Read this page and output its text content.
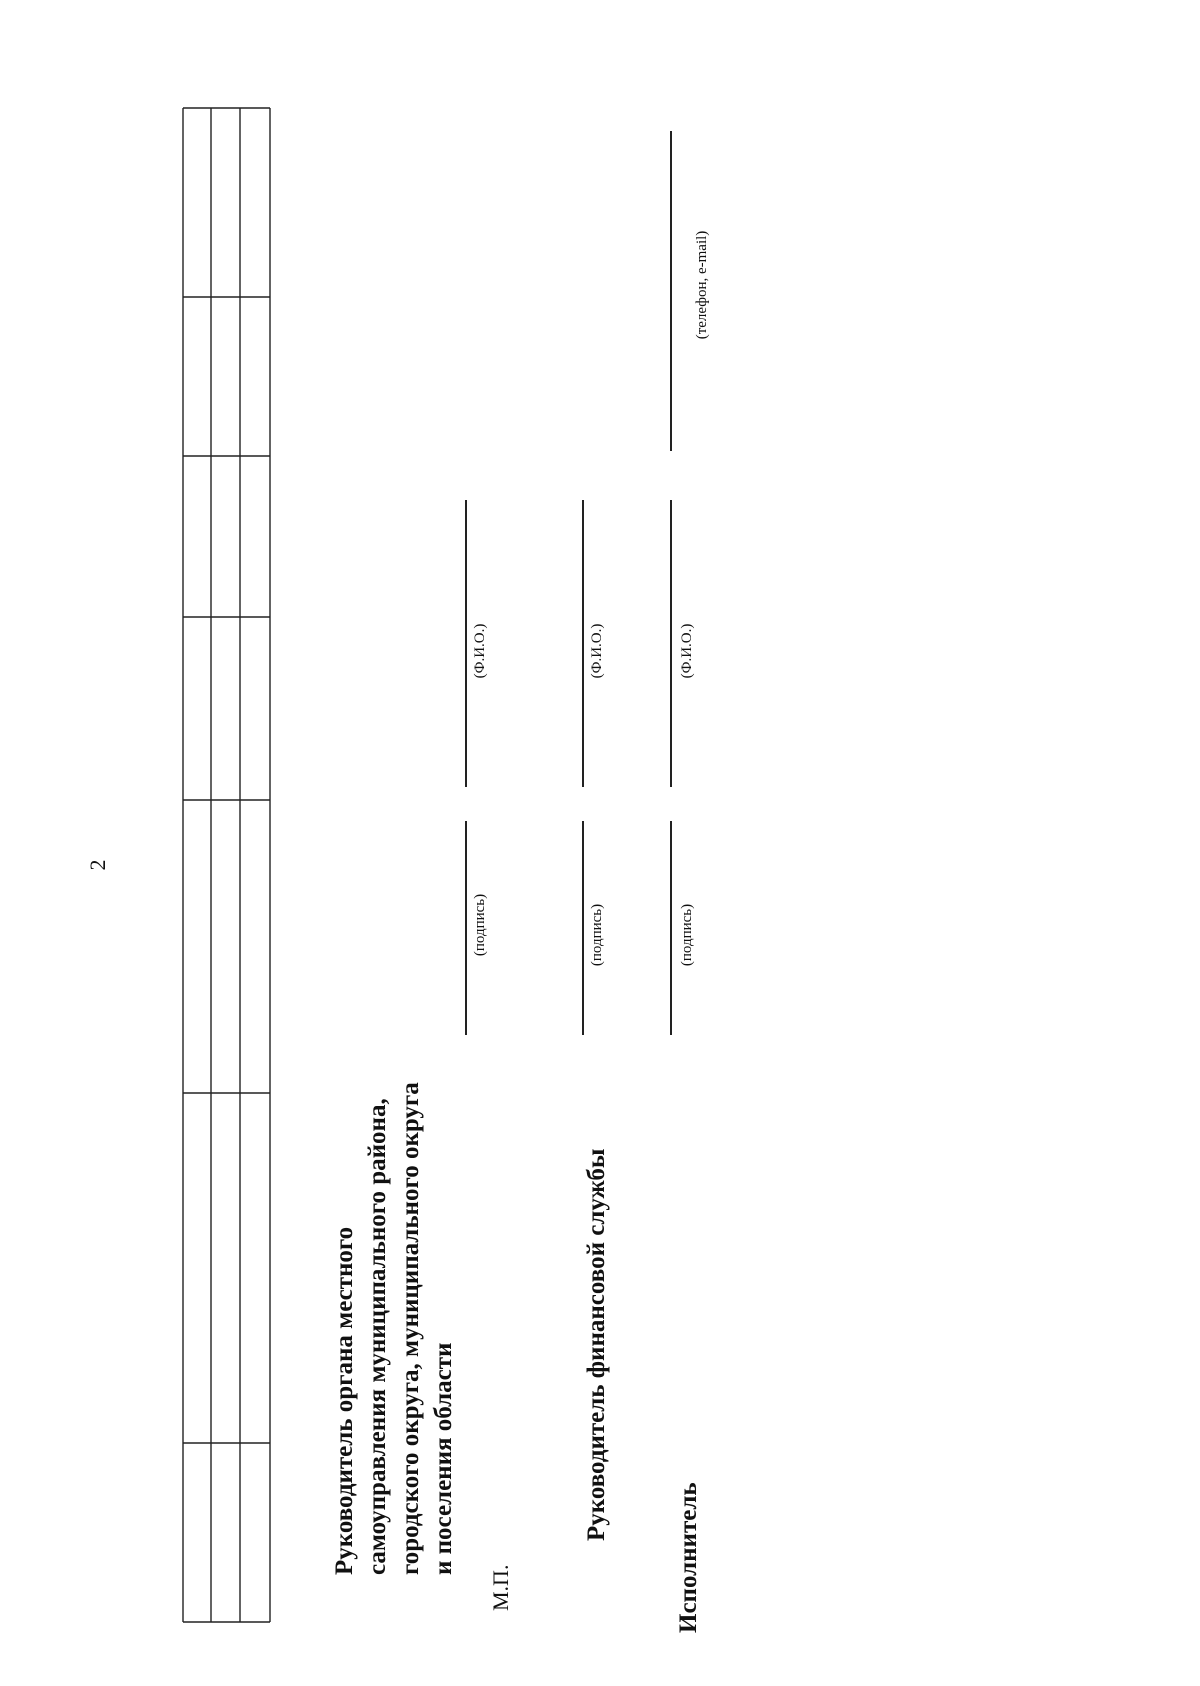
2
Руководитель органа местного самоуправления муниципального района, городского округа, муниципального округа и поселения области
М.П.
Руководитель финансовой службы
Исполнитель
(подпись)
(Ф.И.О.)
(подпись)
(Ф.И.О.)
(подпись)
(Ф.И.О.)
(телефон, e-mail)
